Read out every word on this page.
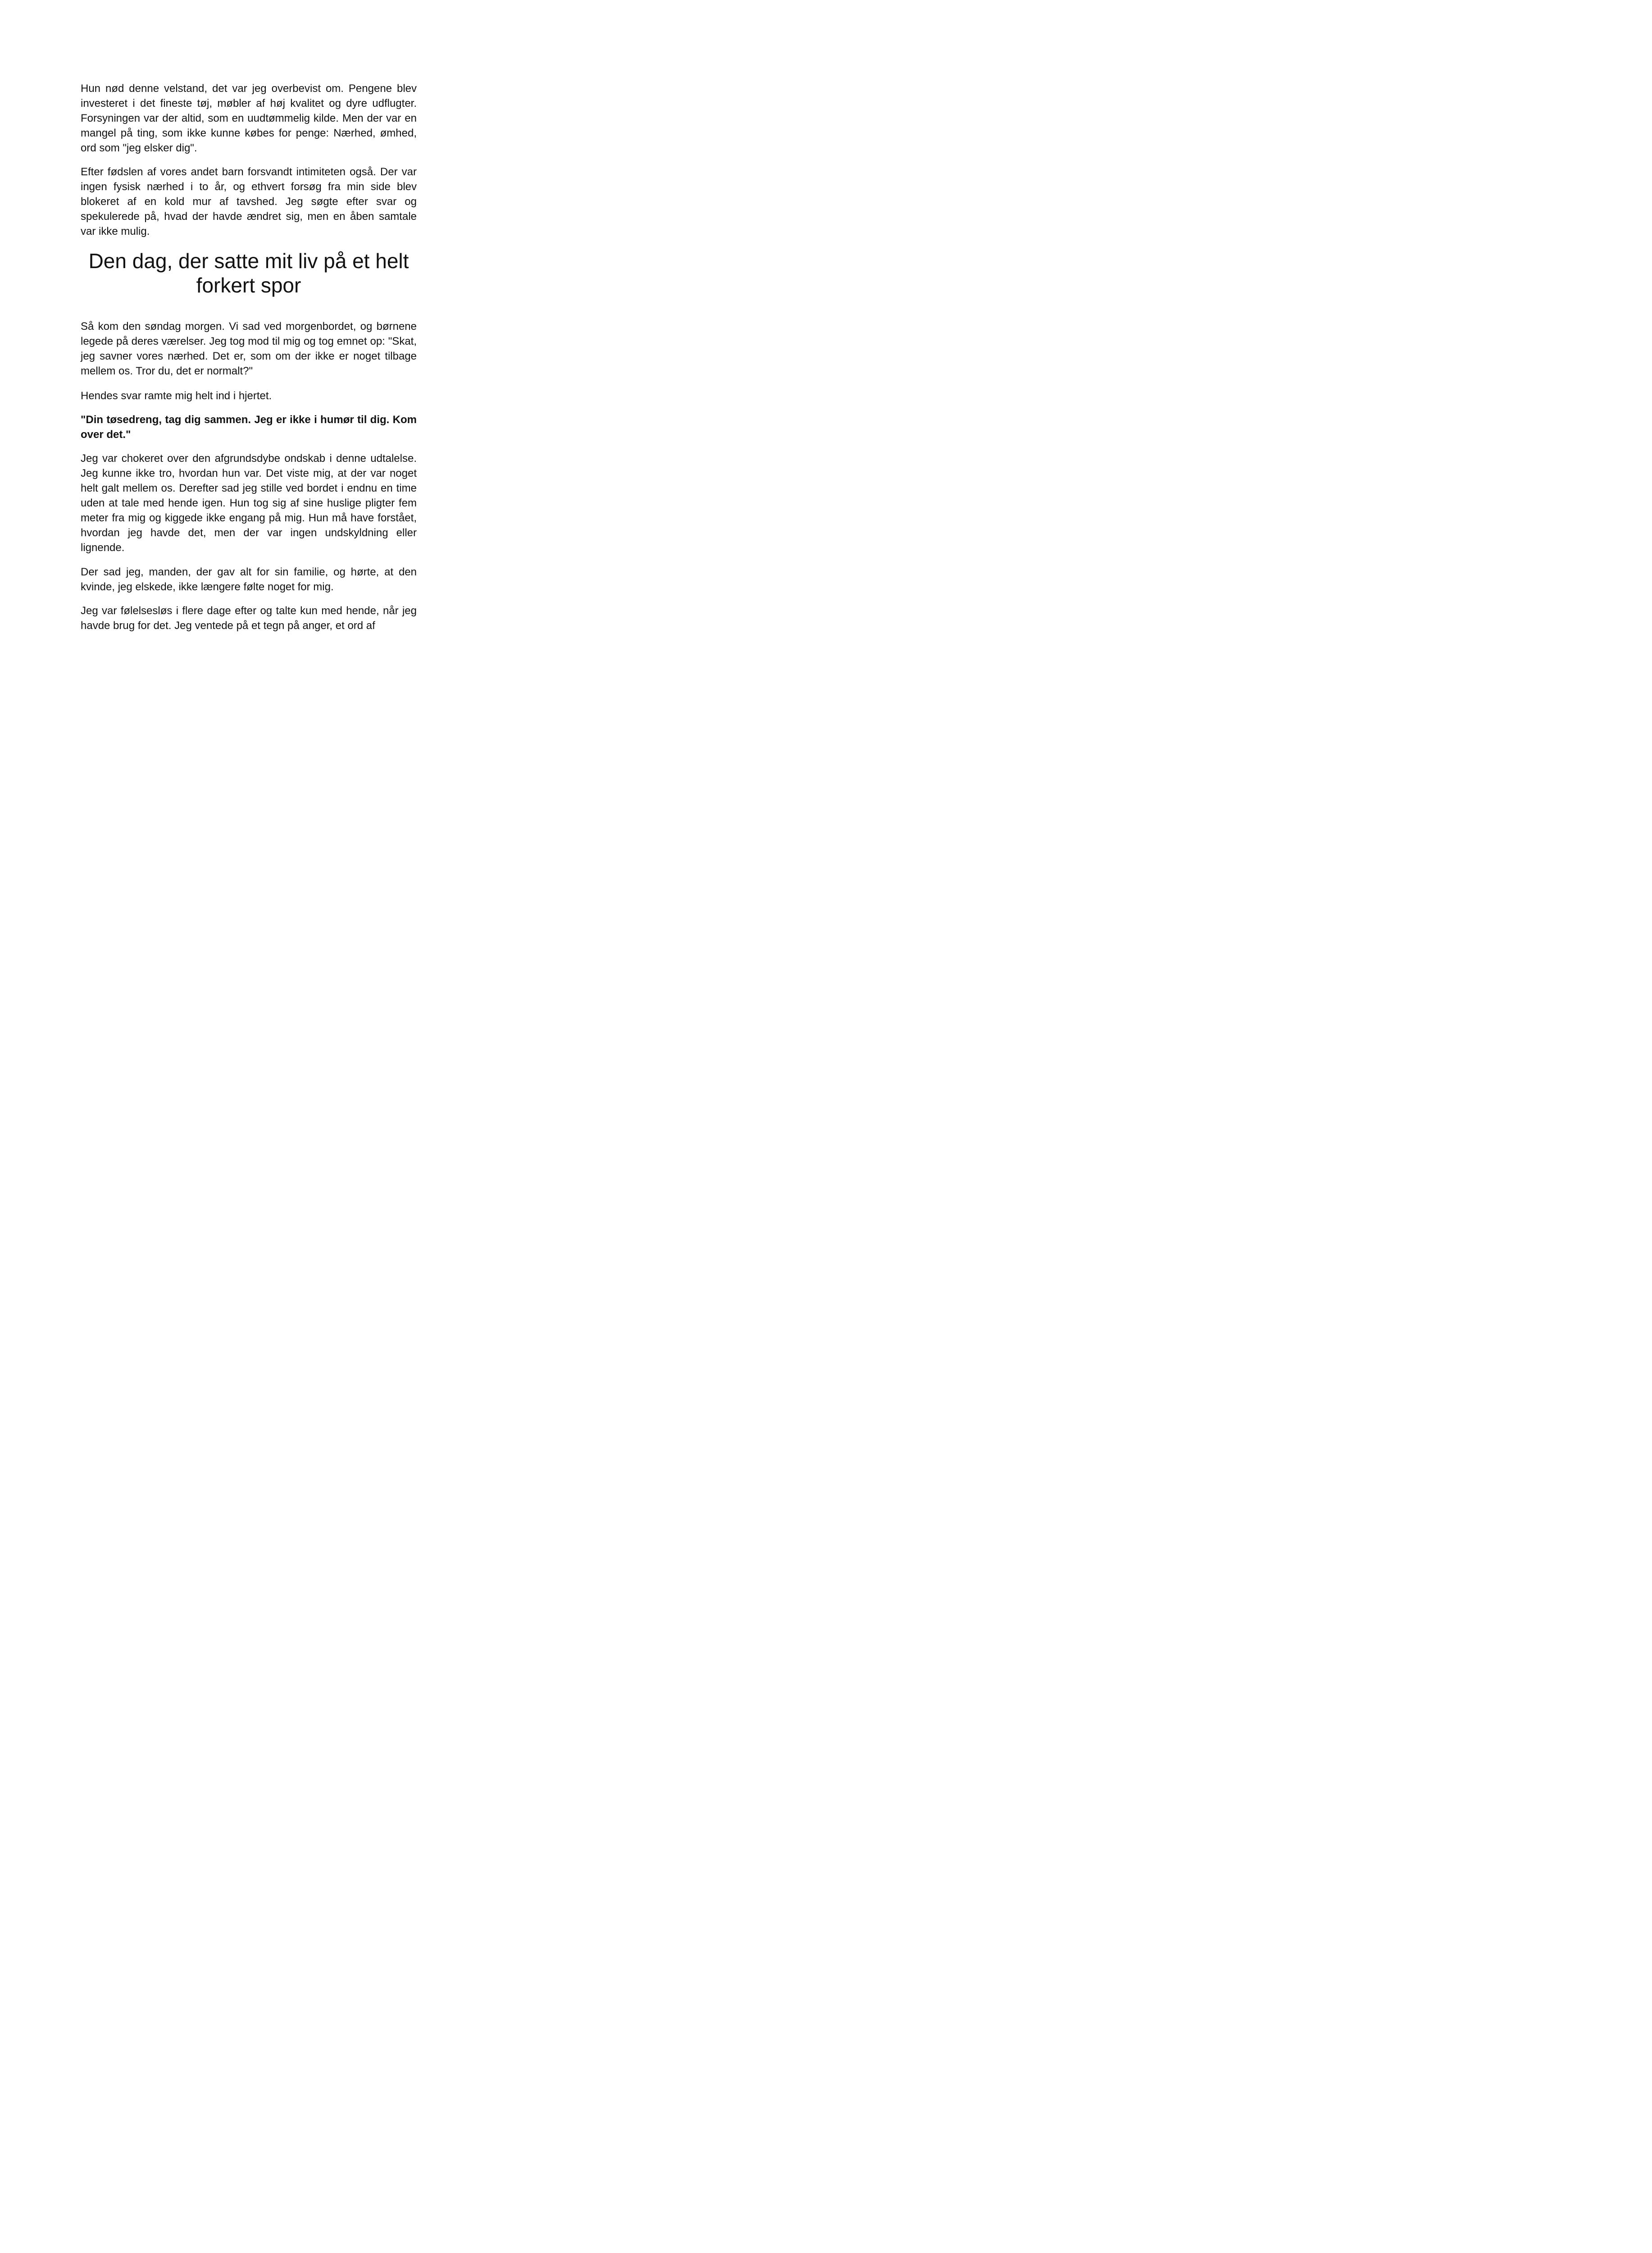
Hun nød denne velstand, det var jeg overbevist om. Pengene blev investeret i det fineste tøj, møbler af høj kvalitet og dyre udflugter. Forsyningen var der altid, som en uudtømmelig kilde. Men der var en mangel på ting, som ikke kunne købes for penge: Nærhed, ømhed, ord som "jeg elsker dig".

Efter fødslen af vores andet barn forsvandt intimiteten også. Der var ingen fysisk nærhed i to år, og ethvert forsøg fra min side blev blokeret af en kold mur af tavshed. Jeg søgte efter svar og spekulerede på, hvad der havde ændret sig, men en åben samtale var ikke mulig.

Den dag, der satte mit liv på et helt forkert spor

Så kom den søndag morgen. Vi sad ved morgenbordet, og børnene legede på deres værelser. Jeg tog mod til mig og tog emnet op: "Skat, jeg savner vores nærhed. Det er, som om der ikke er noget tilbage mellem os. Tror du, det er normalt?"

Hendes svar ramte mig helt ind i hjertet.

"Din tøsedreng, tag dig sammen. Jeg er ikke i humør til dig. Kom over det."

Jeg var chokeret over den afgrundsdybe ondskab i denne udtalelse. Jeg kunne ikke tro, hvordan hun var. Det viste mig, at der var noget helt galt mellem os. Derefter sad jeg stille ved bordet i endnu en time uden at tale med hende igen. Hun tog sig af sine huslige pligter fem meter fra mig og kiggede ikke engang på mig. Hun må have forstået, hvordan jeg havde det, men der var ingen undskyldning eller lignende.

Der sad jeg, manden, der gav alt for sin familie, og hørte, at den kvinde, jeg elskede, ikke længere følte noget for mig.

Jeg var følelsesløs i flere dage efter og talte kun med hende, når jeg havde brug for det. Jeg ventede på et tegn på anger, et ord af
